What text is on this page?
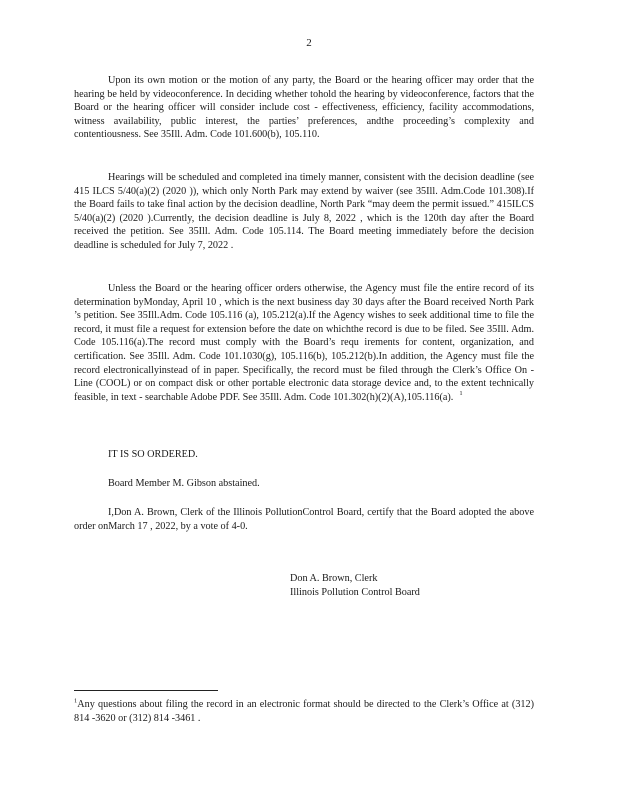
2

Upon its own motion or the motion of any party, the Board or the hearing officer may order that the hearing be held by videoconference. In deciding whether tohold the hearing by videoconference, factors that the Board or the hearing officer will consider include cost - effectiveness, efficiency, facility accommodations, witness availability, public interest, the parties’ preferences, andthe proceeding’s complexity and contentiousness. See 35Ill. Adm. Code 101.600(b), 105.110.

Hearings will be scheduled and completed ina timely manner, consistent with the decision deadline (see 415 ILCS 5/40(a)(2) (2020 )), which only North Park may extend by waiver (see 35Ill. Adm.Code 101.308).If the Board fails to take final action by the decision deadline, North Park “may deem the permit issued.” 415ILCS 5/40(a)(2) (2020 ).Currently, the decision deadline is July 8, 2022 , which is the 120th day after the Board received the petition. See 35Ill. Adm. Code 105.114. The Board meeting immediately before the decision deadline is scheduled for July 7, 2022 .

Unless the Board or the hearing officer orders otherwise, the Agency must file the entire record of its determination byMonday, April 10 , which is the next business day 30 days after the Board received North Park ’s petition. See 35Ill.Adm. Code 105.116 (a), 105.212(a).If the Agency wishes to seek additional time to file the record, it must file a request for extension before the date on whichthe record is due to be filed. See 35Ill. Adm. Code 105.116(a).The record must comply with the Board’s requ irements for content, organization, and certification. See 35Ill. Adm. Code 101.1030(g), 105.116(b), 105.212(b).In addition, the Agency must file the record electronicallyinstead of in paper. Specifically, the record must be filed through the Clerk’s Office On - Line (COOL) or on compact disk or other portable electronic data storage device and, to the extent technically feasible, in text - searchable Adobe PDF. See 35Ill. Adm. Code 101.302(h)(2)(A),105.116(a). $^1$

IT IS SO ORDERED.
Board Member M. Gibson abstained.

I,Don A. Brown, Clerk of the Illinois PollutionControl Board, certify that the Board adopted the above order onMarch 17 , 2022, by a vote of 4-0.

Don A. Brown, Clerk
Illinois Pollution Control Board

$^1$Any questions about filing the record in an electronic format should be directed to the Clerk’s Office at (312) 814 -3620 or (312) 814 -3461 .
